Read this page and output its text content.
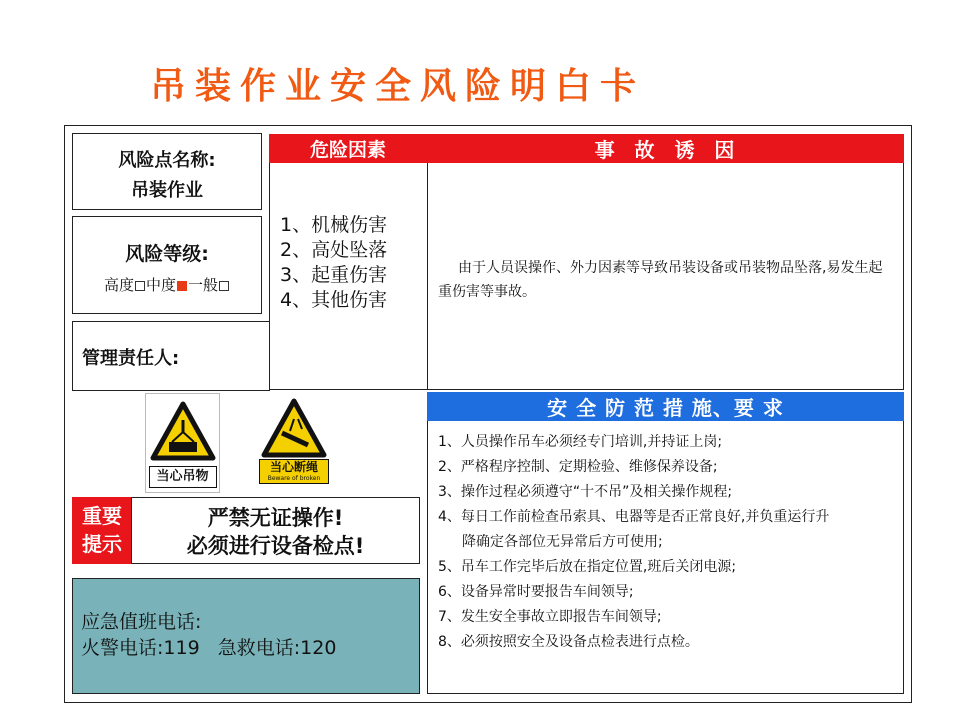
吊装作业安全风险明白卡
风险点名称:
吊装作业
风险等级:
高度 中度 一般
管理责任人:
危险因素
1、机械伤害
2、高处坠落
3、起重伤害
4、其他伤害
事  故  诱  因
由于人员误操作、外力因素等导致吊装设备或吊装物品坠落,易发生起重伤害等事故。
当心吊物
当心断绳
Beware of broken
重要
提示
严禁无证操作!
必须进行设备检点!
应急值班电话:
火警电话:119   急救电话:120
安 全 防 范 措 施、要 求
1、人员操作吊车必须经专门培训,并持证上岗;
2、严格程序控制、定期检验、维修保养设备;
3、操作过程必须遵守“十不吊”及相关操作规程;
4、每日工作前检查吊索具、电器等是否正常良好,并负重运行升
降确定各部位无异常后方可使用;
5、吊车工作完毕后放在指定位置,班后关闭电源;
6、设备异常时要报告车间领导;
7、发生安全事故立即报告车间领导;
8、必须按照安全及设备点检表进行点检。
